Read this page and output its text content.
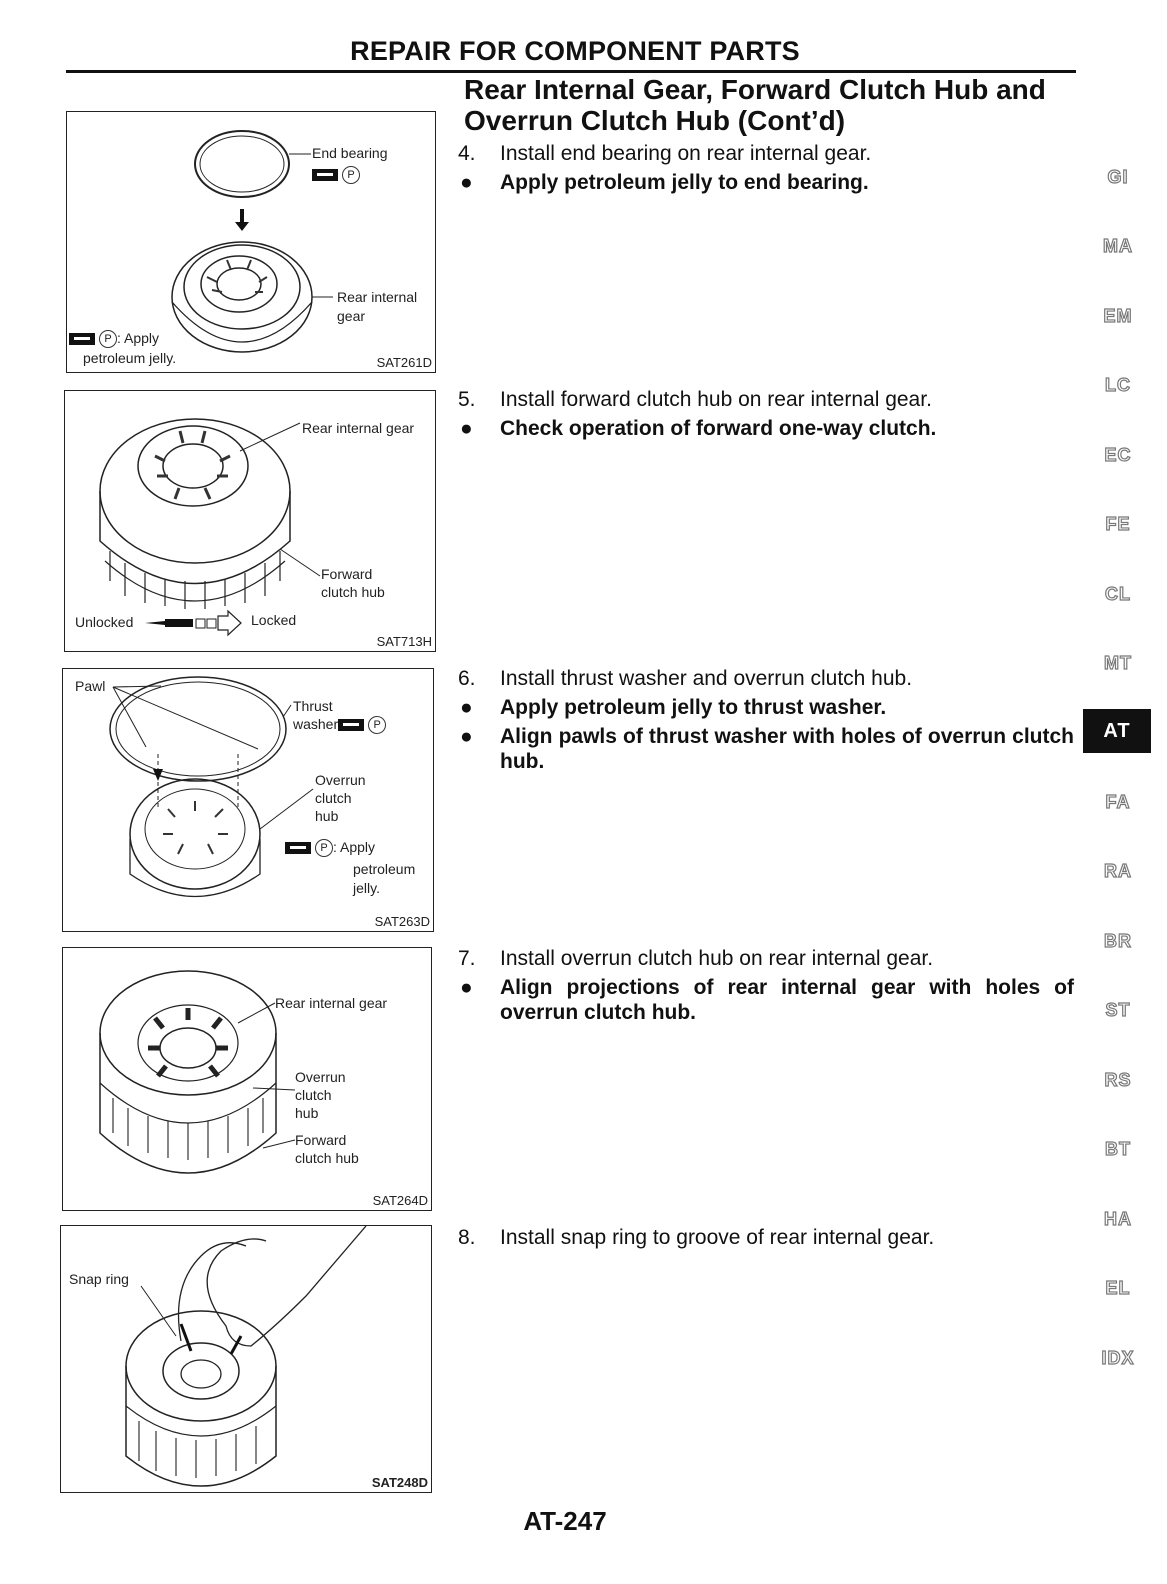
REPAIR FOR COMPONENT PARTS
Rear Internal Gear, Forward Clutch Hub and Overrun Clutch Hub (Cont’d)
4. Install end bearing on rear internal gear.
● Apply petroleum jelly to end bearing.
5. Install forward clutch hub on rear internal gear.
● Check operation of forward one-way clutch.
6. Install thrust washer and overrun clutch hub.
● Apply petroleum jelly to thrust washer.
● Align pawls of thrust washer with holes of overrun clutch hub.
7. Install overrun clutch hub on rear internal gear.
● Align projections of rear internal gear with holes of overrun clutch hub.
8. Install snap ring to groove of rear internal gear.
End bearing
P
Rear internal
gear
P : Apply
petroleum jelly.	SAT261D
Rear internal gear
Forward
clutch hub
Unlocked	Locked
SAT713H
Pawl
Thrust
washer	P
Overrun
clutch
hub
P : Apply
petroleum
jelly.
SAT263D
Rear internal gear
Overrun
clutch
hub
Forward
clutch hub
SAT264D
Snap ring
SAT248D
GI
MA
EM
LC
EC
FE
CL
MT
AT
FA
RA
BR
ST
RS
BT
HA
EL
IDX
AT-247
